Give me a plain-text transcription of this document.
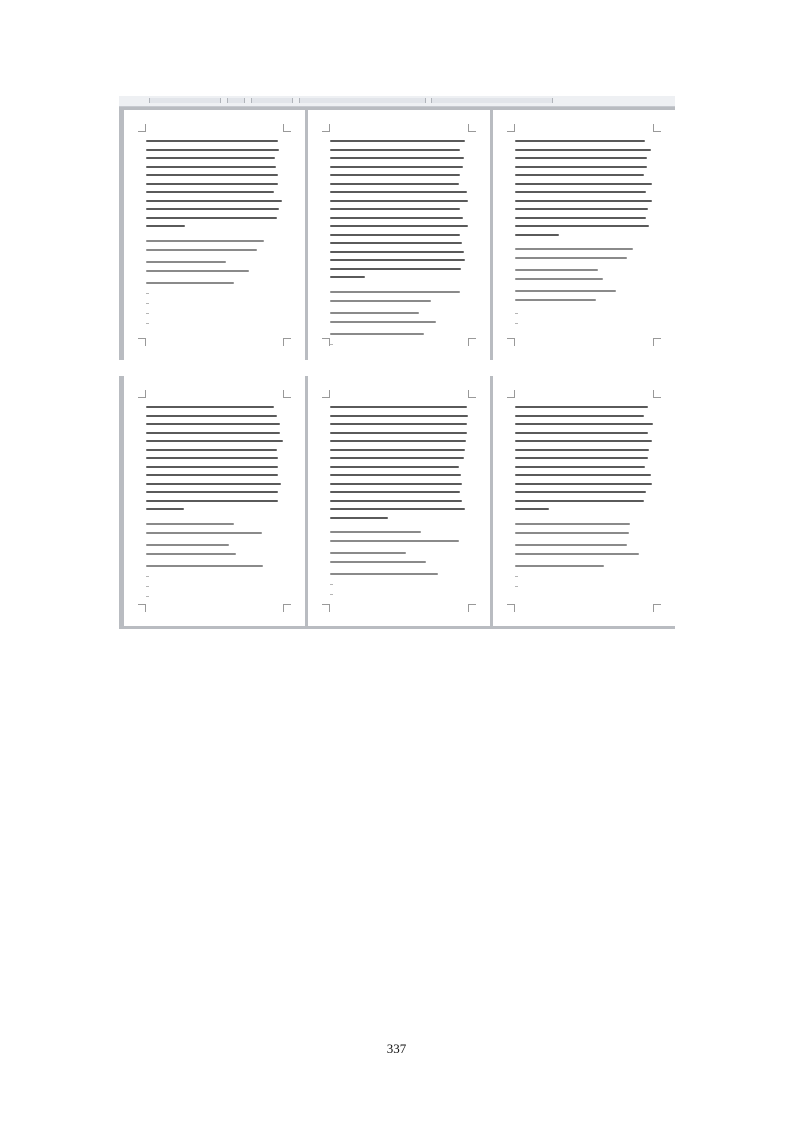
337
